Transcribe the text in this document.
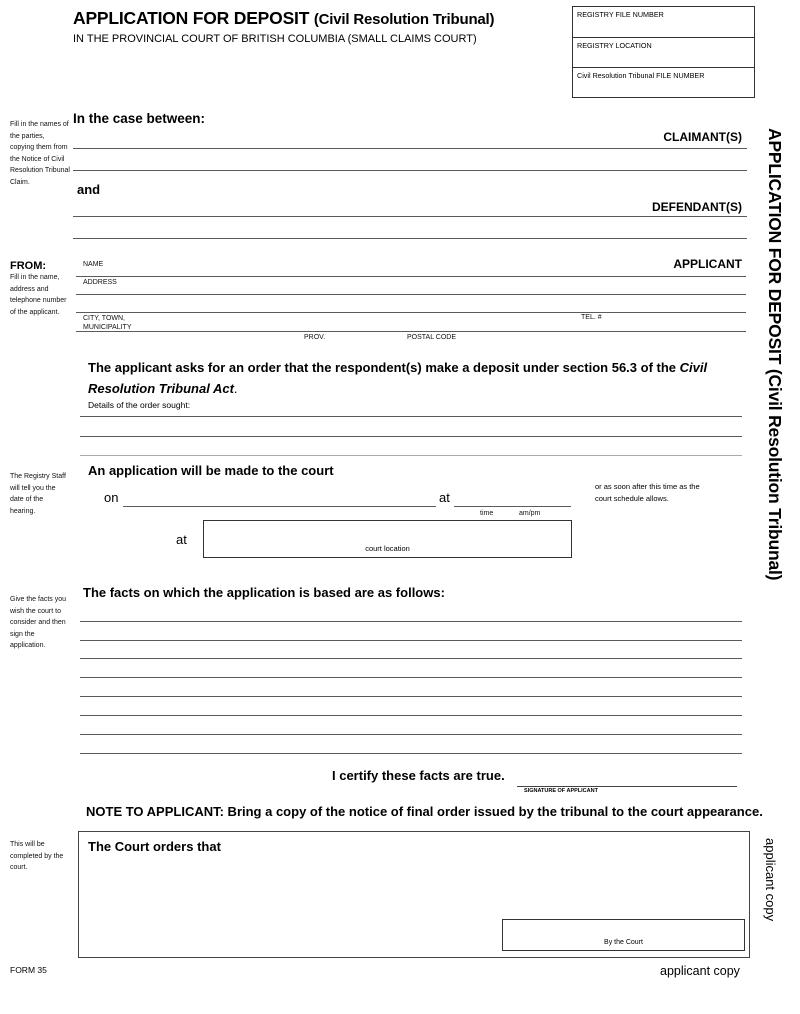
APPLICATION FOR DEPOSIT (Civil Resolution Tribunal)
IN THE PROVINCIAL COURT OF BRITISH COLUMBIA (SMALL CLAIMS COURT)
REGISTRY FILE NUMBER
REGISTRY LOCATION
Civil Resolution Tribunal FILE NUMBER
APPLICATION FOR DEPOSIT (Civil Resolution Tribunal)
Fill in the names of the parties, copying them from the Notice of Civil Resolution Tribunal Claim.
In the case between:
CLAIMANT(S)
and
DEFENDANT(S)
FROM:
Fill in the name, address and telephone number of the applicant.
APPLICANT
NAME
ADDRESS
CITY, TOWN,
MUNICIPALITY
TEL. #
PROV.	POSTAL CODE
The applicant asks for an order that the respondent(s) make a deposit under section 56.3 of the Civil Resolution Tribunal Act.
Details of the order sought:
The Registry Staff will tell you the date of the hearing.
An application will be made to the court
on	at
time	am/pm
or as soon after this time as the court schedule allows.
at
court location
Give the facts you wish the court to consider and then sign the application.
The facts on which the application is based are as follows:
I certify these facts are true.
SIGNATURE OF APPLICANT
NOTE TO APPLICANT: Bring a copy of the notice of final order issued by the tribunal to the court appearance.
This will be completed by the court.
The Court orders that
By the Court
applicant copy
FORM 35	applicant copy
